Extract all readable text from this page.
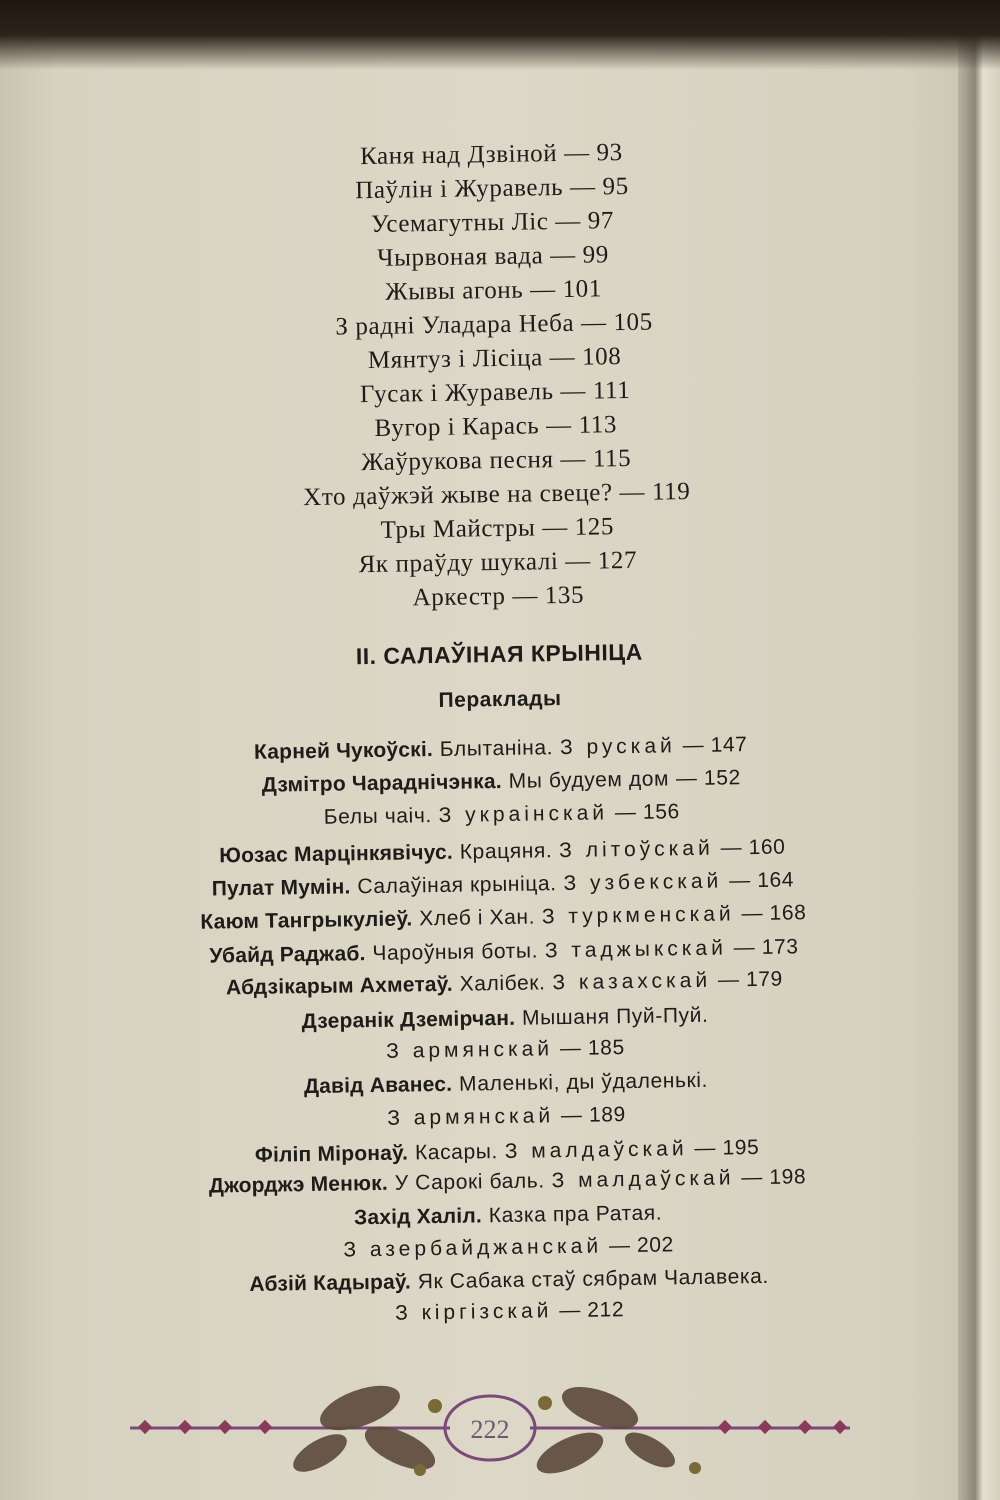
Каня над Дзвіной — 93
Паўлін і Журавель — 95
Усемагутны Ліс — 97
Чырвоная вада — 99
Жывы агонь — 101
З радні Уладара Неба — 105
Мянтуз і Лісіца — 108
Гусак і Журавель — 111
Вугор і Карась — 113
Жаўрукова песня — 115
Хто даўжэй жыве на свеце? — 119
Тры Майстры — 125
Як праўду шукалі — 127
Аркестр — 135
II. САЛАЎІНАЯ КРЫНІЦА
Пераклады
Карней Чукоўскі. Блытаніна. З рускай — 147
Дзмітро Чараднічэнка. Мы будуем дом — 152
Белы чаіч. З украінскай — 156
Юозас Марцінкявічус. Крацяня. З літоўскай — 160
Пулат Мумін. Салаўіная крыніца. З узбекскай — 164
Каюм Тангрыкуліеў. Хлеб і Хан. З туркменскай — 168
Убайд Раджаб. Чароўныя боты. З таджыкскай — 173
Абдзікарым Ахметаў. Халібек. З казахскай — 179
Дзеранік Дземірчан. Мышаня Пуй-Пуй.
З армянскай — 185
Давід Аванес. Маленькі, ды ўдаленькі.
З армянскай — 189
Філіп Міронаў. Касары. З малдаўскай — 195
Джорджэ Менюк. У Сарокі баль. З малдаўскай — 198
Захід Халіл. Казка пра Ратая.
З азербайджанскай — 202
Абзій Кадыраў. Як Сабака стаў сябрам Чалавека.
З кіргізскай — 212
222
